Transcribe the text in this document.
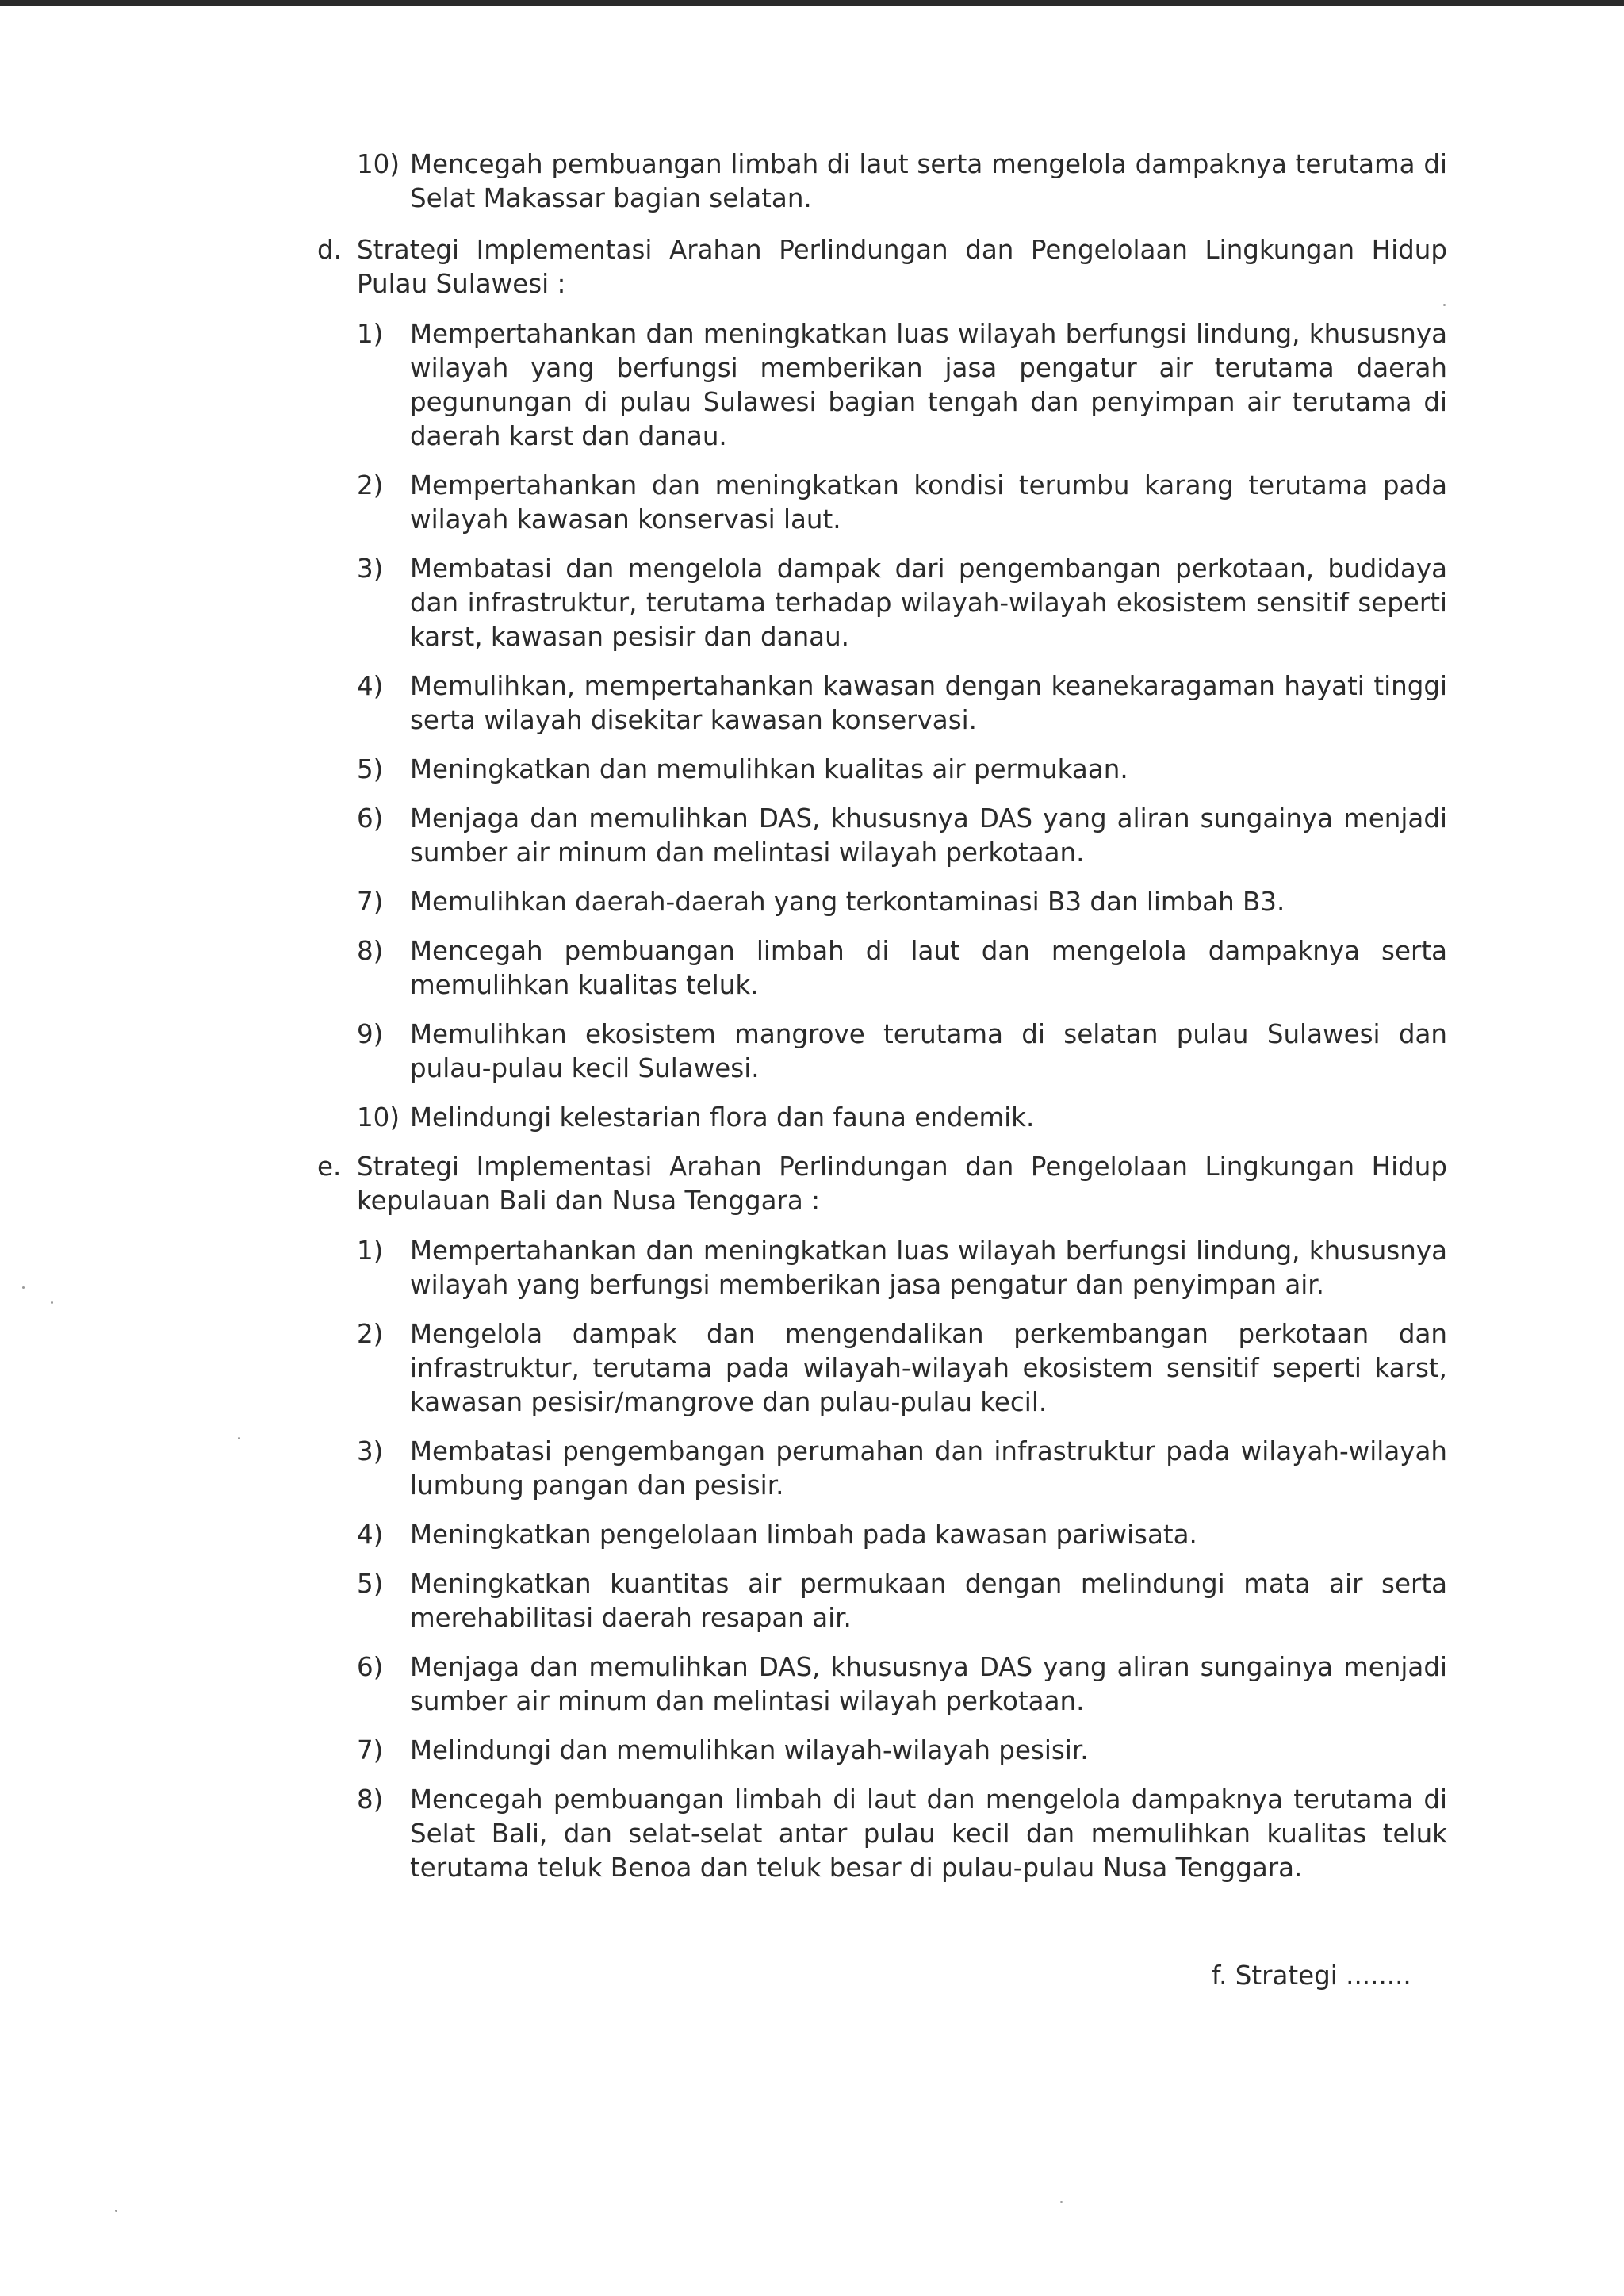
10) Mencegah pembuangan limbah di laut serta mengelola dampaknya terutama di Selat Makassar bagian selatan.
d. Strategi Implementasi Arahan Perlindungan dan Pengelolaan Lingkungan Hidup Pulau Sulawesi :
1)	Mempertahankan dan meningkatkan luas wilayah berfungsi lindung, khususnya wilayah yang berfungsi memberikan jasa pengatur air terutama daerah pegunungan di pulau Sulawesi bagian tengah dan penyimpan air terutama di daerah karst dan danau.
2)	Mempertahankan dan meningkatkan kondisi terumbu karang terutama pada wilayah kawasan konservasi laut.
3)	Membatasi dan mengelola dampak dari pengembangan perkotaan, budidaya dan infrastruktur, terutama terhadap wilayah-wilayah ekosistem sensitif seperti karst, kawasan pesisir dan danau.
4)	Memulihkan, mempertahankan kawasan dengan keanekaragaman hayati tinggi serta wilayah disekitar kawasan konservasi.
5)	Meningkatkan dan memulihkan kualitas air permukaan.
6)	Menjaga dan memulihkan DAS, khususnya DAS yang aliran sungainya menjadi sumber air minum dan melintasi wilayah perkotaan.
7)	Memulihkan daerah-daerah yang terkontaminasi B3 dan limbah B3.
8)	Mencegah pembuangan limbah di laut dan mengelola dampaknya serta memulihkan kualitas teluk.
9)	Memulihkan ekosistem mangrove terutama di selatan pulau Sulawesi dan pulau-pulau kecil Sulawesi.
10) Melindungi kelestarian flora dan fauna endemik.
e. Strategi Implementasi Arahan Perlindungan dan Pengelolaan Lingkungan Hidup kepulauan Bali dan Nusa Tenggara :
1)	Mempertahankan dan meningkatkan luas wilayah berfungsi lindung, khususnya wilayah yang berfungsi memberikan jasa pengatur dan penyimpan air.
2)	Mengelola dampak dan mengendalikan perkembangan perkotaan dan infrastruktur, terutama pada wilayah-wilayah ekosistem sensitif seperti karst, kawasan pesisir/mangrove dan pulau-pulau kecil.
3)	Membatasi pengembangan perumahan dan infrastruktur pada wilayah-wilayah lumbung pangan dan pesisir.
4)	Meningkatkan pengelolaan limbah pada kawasan pariwisata.
5)	Meningkatkan kuantitas air permukaan dengan melindungi mata air serta merehabilitasi daerah resapan air.
6)	Menjaga dan memulihkan DAS, khususnya DAS yang aliran sungainya menjadi sumber air minum dan melintasi wilayah perkotaan.
7)	Melindungi dan memulihkan wilayah-wilayah pesisir.
8)	Mencegah pembuangan limbah di laut dan mengelola dampaknya terutama di Selat Bali, dan selat-selat antar pulau kecil dan memulihkan kualitas teluk terutama teluk Benoa dan teluk besar di pulau-pulau Nusa Tenggara.
f. Strategi ........
